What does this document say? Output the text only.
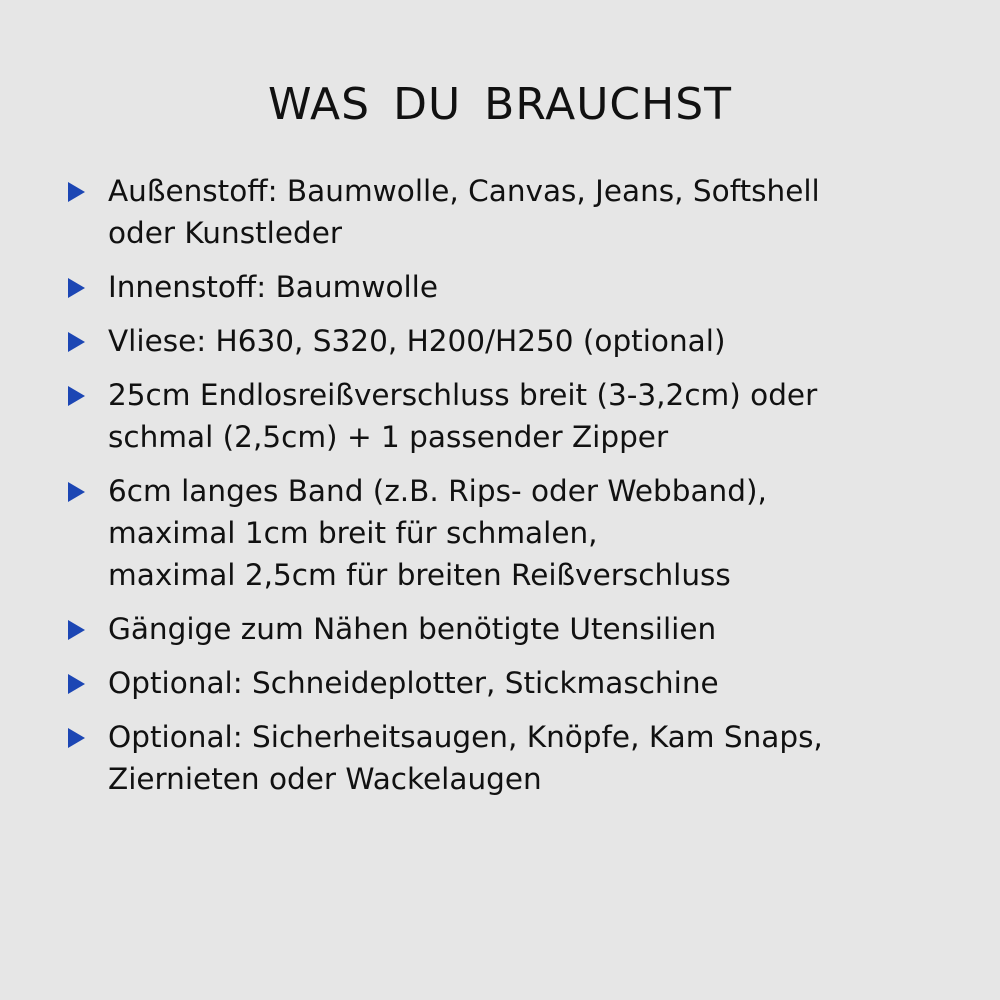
WAS DU BRAUCHST
Außenstoff: Baumwolle, Canvas, Jeans, Softshell
oder Kunstleder
Innenstoff: Baumwolle
Vliese: H630, S320, H200/H250 (optional)
25cm Endlosreißverschluss breit (3-3,2cm) oder
schmal (2,5cm) + 1 passender Zipper
6cm langes Band (z.B. Rips- oder Webband),
maximal 1cm breit für schmalen,
maximal 2,5cm für breiten Reißverschluss
Gängige zum Nähen benötigte Utensilien
Optional: Schneideplotter, Stickmaschine
Optional: Sicherheitsaugen, Knöpfe, Kam Snaps,
Ziernieten oder Wackelaugen
